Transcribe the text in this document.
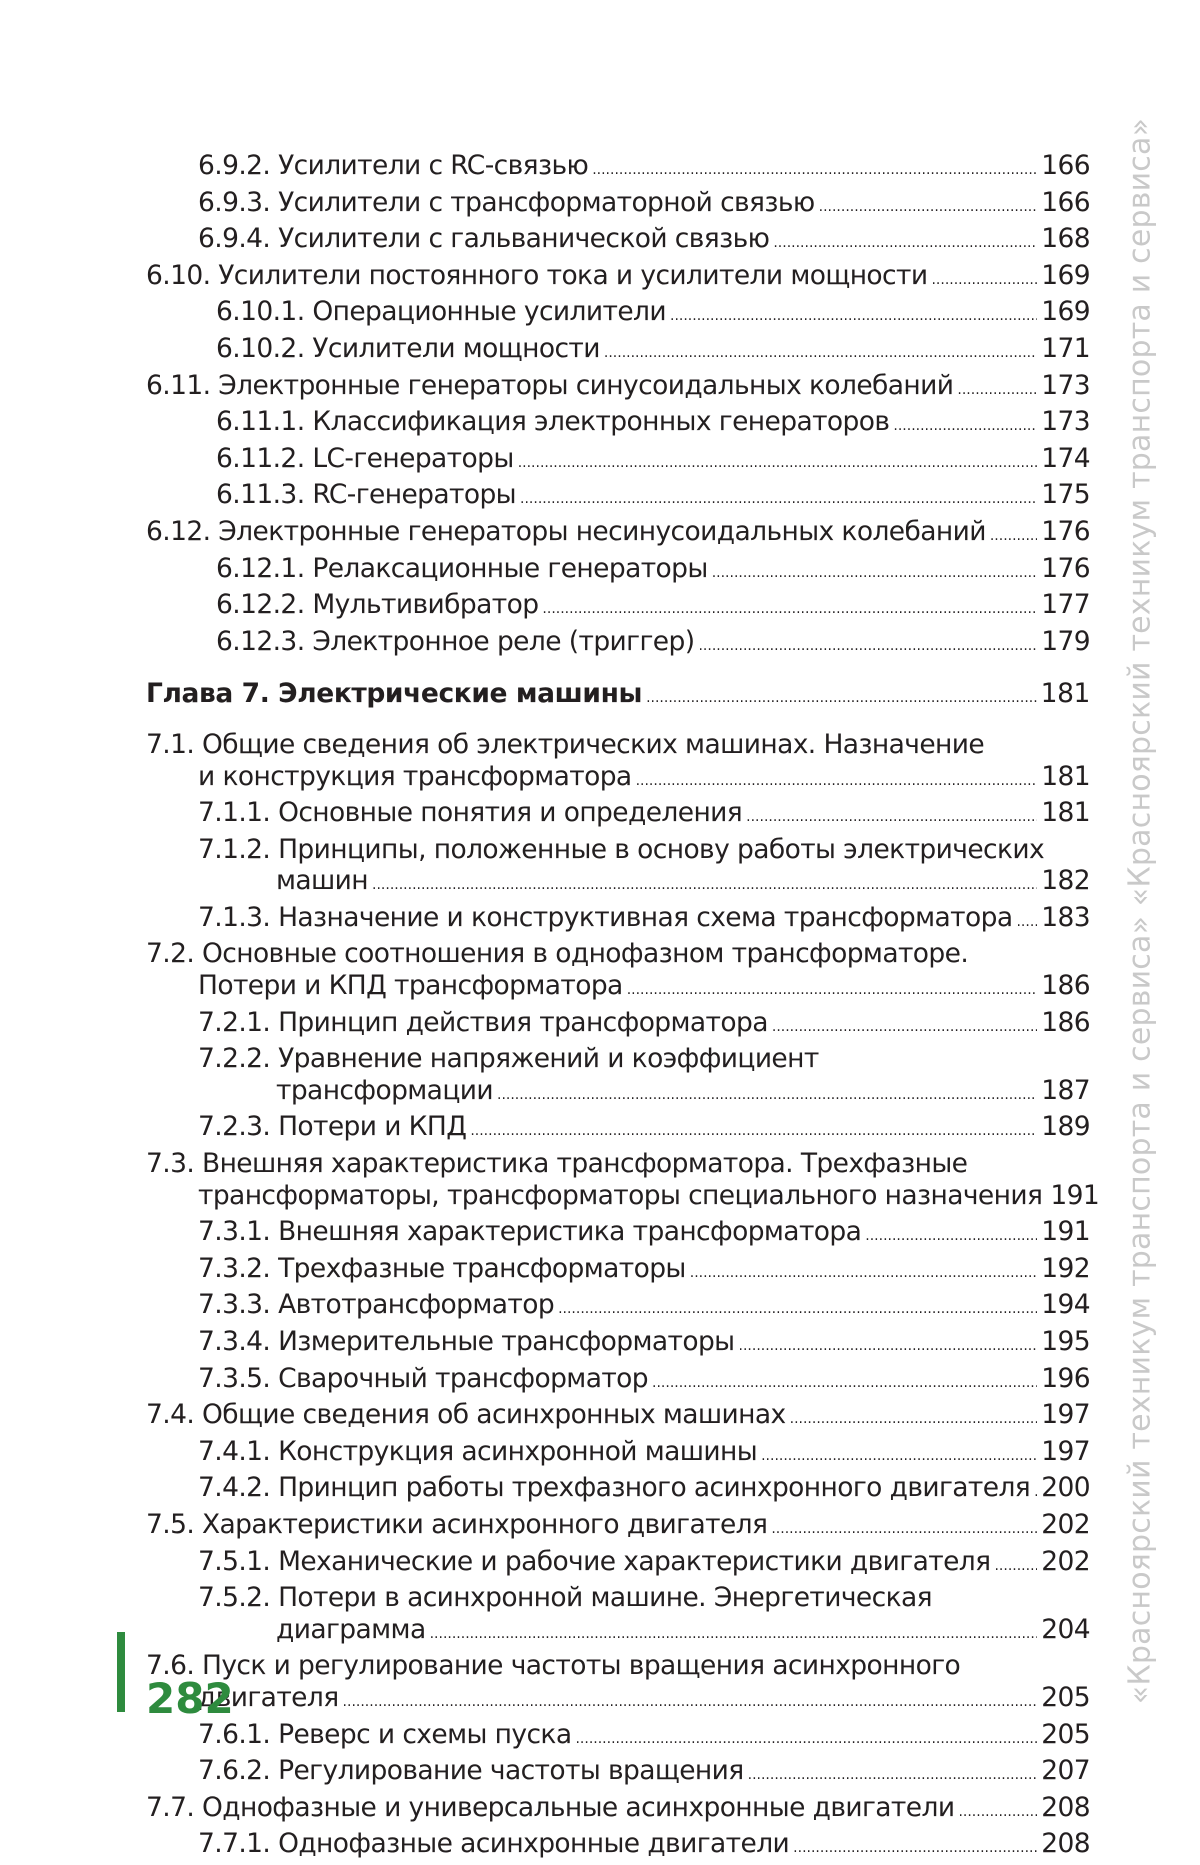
6.9.2. Усилители с RC-связью .....	166
6.9.3. Усилители с трансформаторной связью .....	166
6.9.4. Усилители с гальванической связью .....	168
6.10. Усилители постоянного тока и усилители мощности .....	169
6.10.1. Операционные усилители .....	169
6.10.2. Усилители мощности .....	171
6.11. Электронные генераторы синусоидальных колебаний .....	173
6.11.1. Классификация электронных генераторов .....	173
6.11.2. LC-генераторы .....	174
6.11.3. RC-генераторы .....	175
6.12. Электронные генераторы несинусоидальных колебаний ..... 176
6.12.1. Релаксационные генераторы .....	176
6.12.2. Мультивибратор .....	177
6.12.3. Электронное реле (триггер) .....	179
Глава 7. Электрические машины .....	181
7.1. Общие сведения об электрических машинах. Назначение
и конструкция трансформатора .....	181
7.1.1. Основные понятия и определения .....	181
7.1.2. Принципы, положенные в основу работы электрических
машин .....	182
7.1.3. Назначение и конструктивная схема трансформатора ..... 183
7.2. Основные соотношения в однофазном трансформаторе.
Потери и КПД трансформатора .....	186
7.2.1. Принцип действия трансформатора .....	186
7.2.2. Уравнение напряжений и коэффициент
трансформации .....	187
7.2.3. Потери и КПД .....	189
7.3. Внешняя характеристика трансформатора. Трехфазные
трансформаторы, трансформаторы специального назначения 191
7.3.1. Внешняя характеристика трансформатора .....	191
7.3.2. Трехфазные трансформаторы .....	192
7.3.3. Автотрансформатор .....	194
7.3.4. Измерительные трансформаторы .....	195
7.3.5. Сварочный трансформатор .....	196
7.4. Общие сведения об асинхронных машинах .....	197
7.4.1. Конструкция асинхронной машины .....	197
7.4.2. Принцип работы трехфазного асинхронного двигателя ..... 200
7.5. Характеристики асинхронного двигателя .....	202
7.5.1. Механические и рабочие характеристики двигателя ..... 202
7.5.2. Потери в асинхронной машине. Энергетическая
диаграмма .....	204
7.6. Пуск и регулирование частоты вращения асинхронного
двигателя .....	205
7.6.1. Реверс и схемы пуска .....	205
7.6.2. Регулирование частоты вращения .....	207
7.7. Однофазные и универсальные асинхронные двигатели .....	208
7.7.1. Однофазные асинхронные двигатели .....	208
282	«Красноярский техникум транспорта и сервиса» «Красноярский техникум транспорта и сервиса»
